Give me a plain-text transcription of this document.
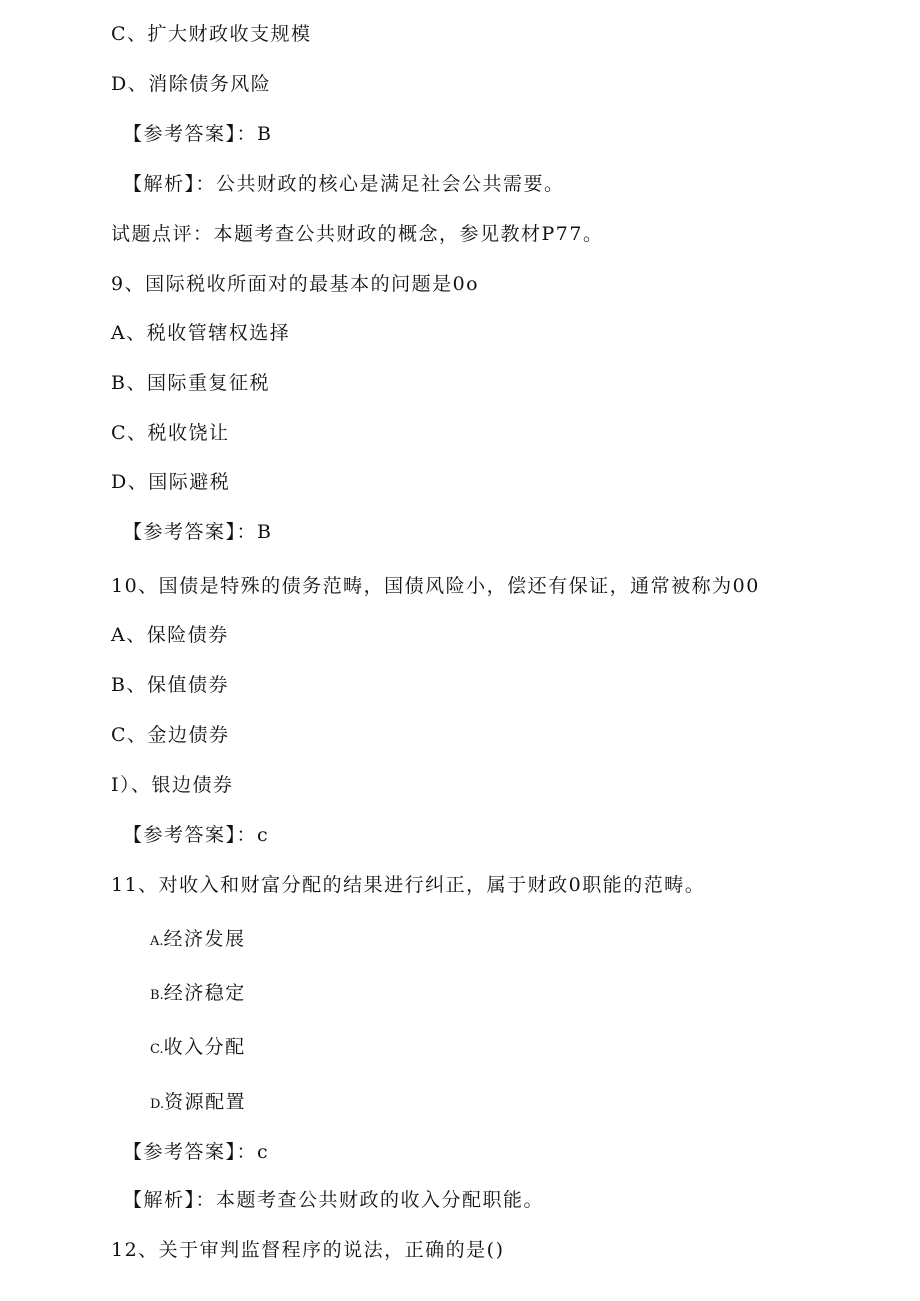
C、扩大财政收支规模
D、消除债务风险
【参考答案】：B
【解析】：公共财政的核心是满足社会公共需要。
试题点评：本题考查公共财政的概念，参见教材P77。
9、国际税收所面对的最基本的问题是0o
A、税收管辖权选择
B、国际重复征税
C、税收饶让
D、国际避税
【参考答案】：B
10、国债是特殊的债务范畴，国债风险小，偿还有保证，通常被称为00
A、保险债券
B、保值债券
C、金边债券
I）、银边债券
【参考答案】：c
11、对收入和财富分配的结果进行纠正，属于财政0职能的范畴。
A.经济发展
B.经济稳定
C.收入分配
D.资源配置
【参考答案】：c
【解析】：本题考查公共财政的收入分配职能。
12、关于审判监督程序的说法，正确的是()
